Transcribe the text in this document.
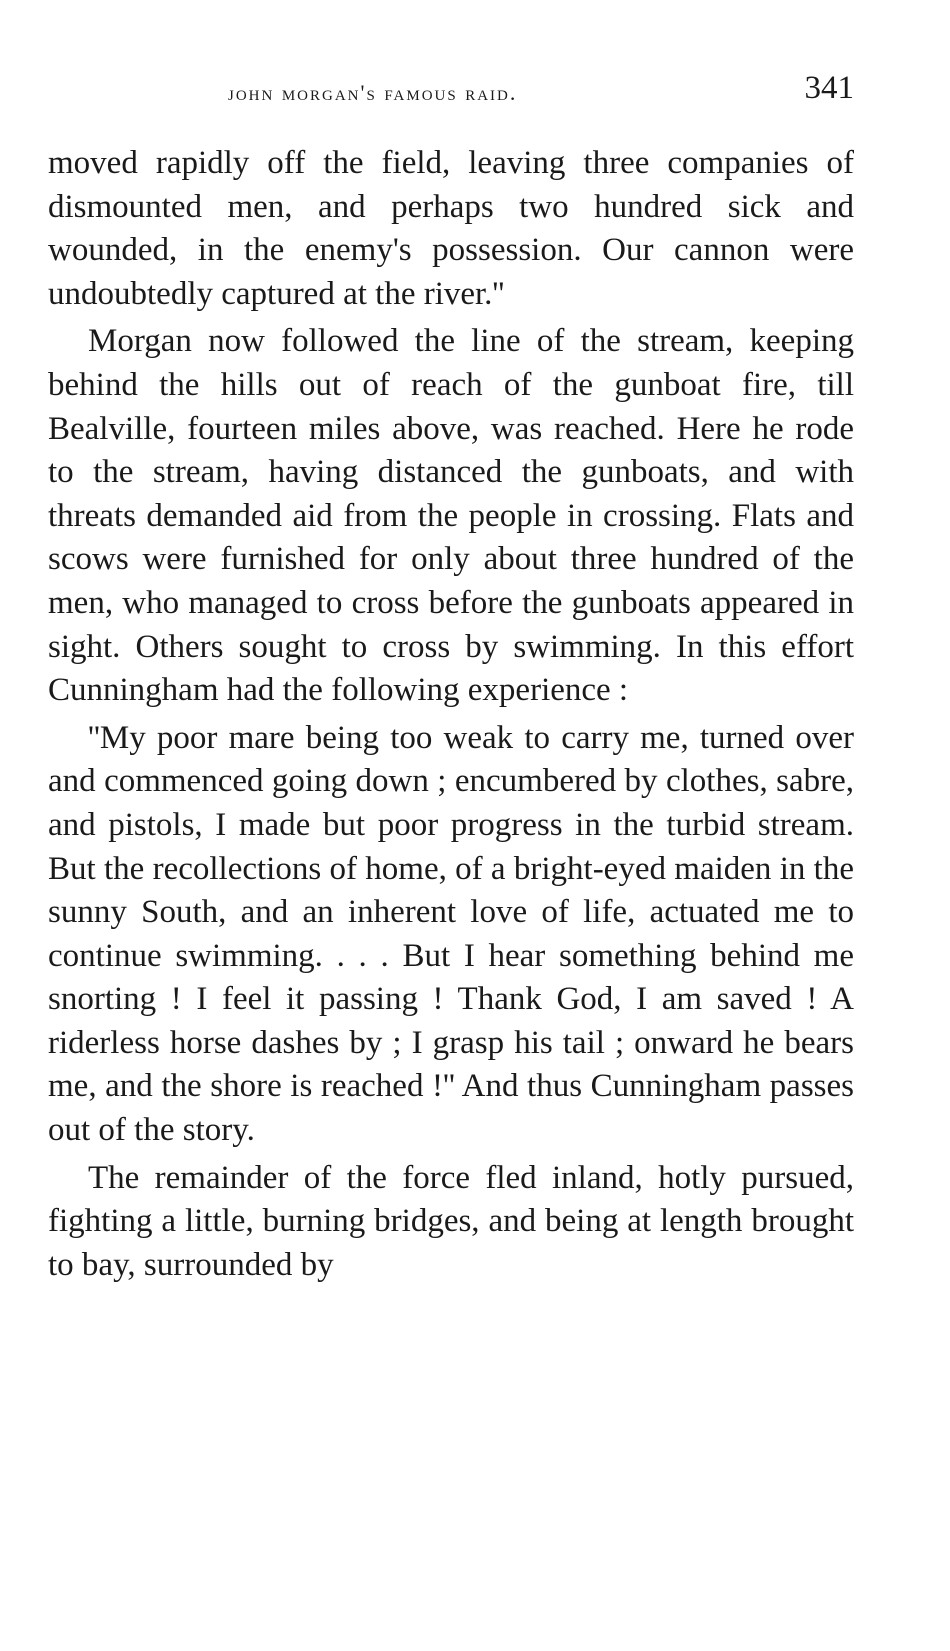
john morgan's famous raid.	341

moved rapidly off the field, leaving three companies of dismounted men, and perhaps two hundred sick and wounded, in the enemy's possession. Our cannon were undoubtedly captured at the river.''

Morgan now followed the line of the stream, keeping behind the hills out of reach of the gunboat fire, till Bealville, fourteen miles above, was reached. Here he rode to the stream, having distanced the gunboats, and with threats demanded aid from the people in crossing. Flats and scows were furnished for only about three hundred of the men, who managed to cross before the gunboats appeared in sight. Others sought to cross by swimming. In this effort Cunningham had the following experience :

''My poor mare being too weak to carry me, turned over and commenced going down ; encumbered by clothes, sabre, and pistols, I made but poor progress in the turbid stream. But the recollections of home, of a bright-eyed maiden in the sunny South, and an inherent love of life, actuated me to continue swimming. . . . But I hear something behind me snorting ! I feel it passing ! Thank God, I am saved ! A riderless horse dashes by ; I grasp his tail ; onward he bears me, and the shore is reached !'' And thus Cunningham passes out of the story.

The remainder of the force fled inland, hotly pursued, fighting a little, burning bridges, and being at length brought to bay, surrounded by
